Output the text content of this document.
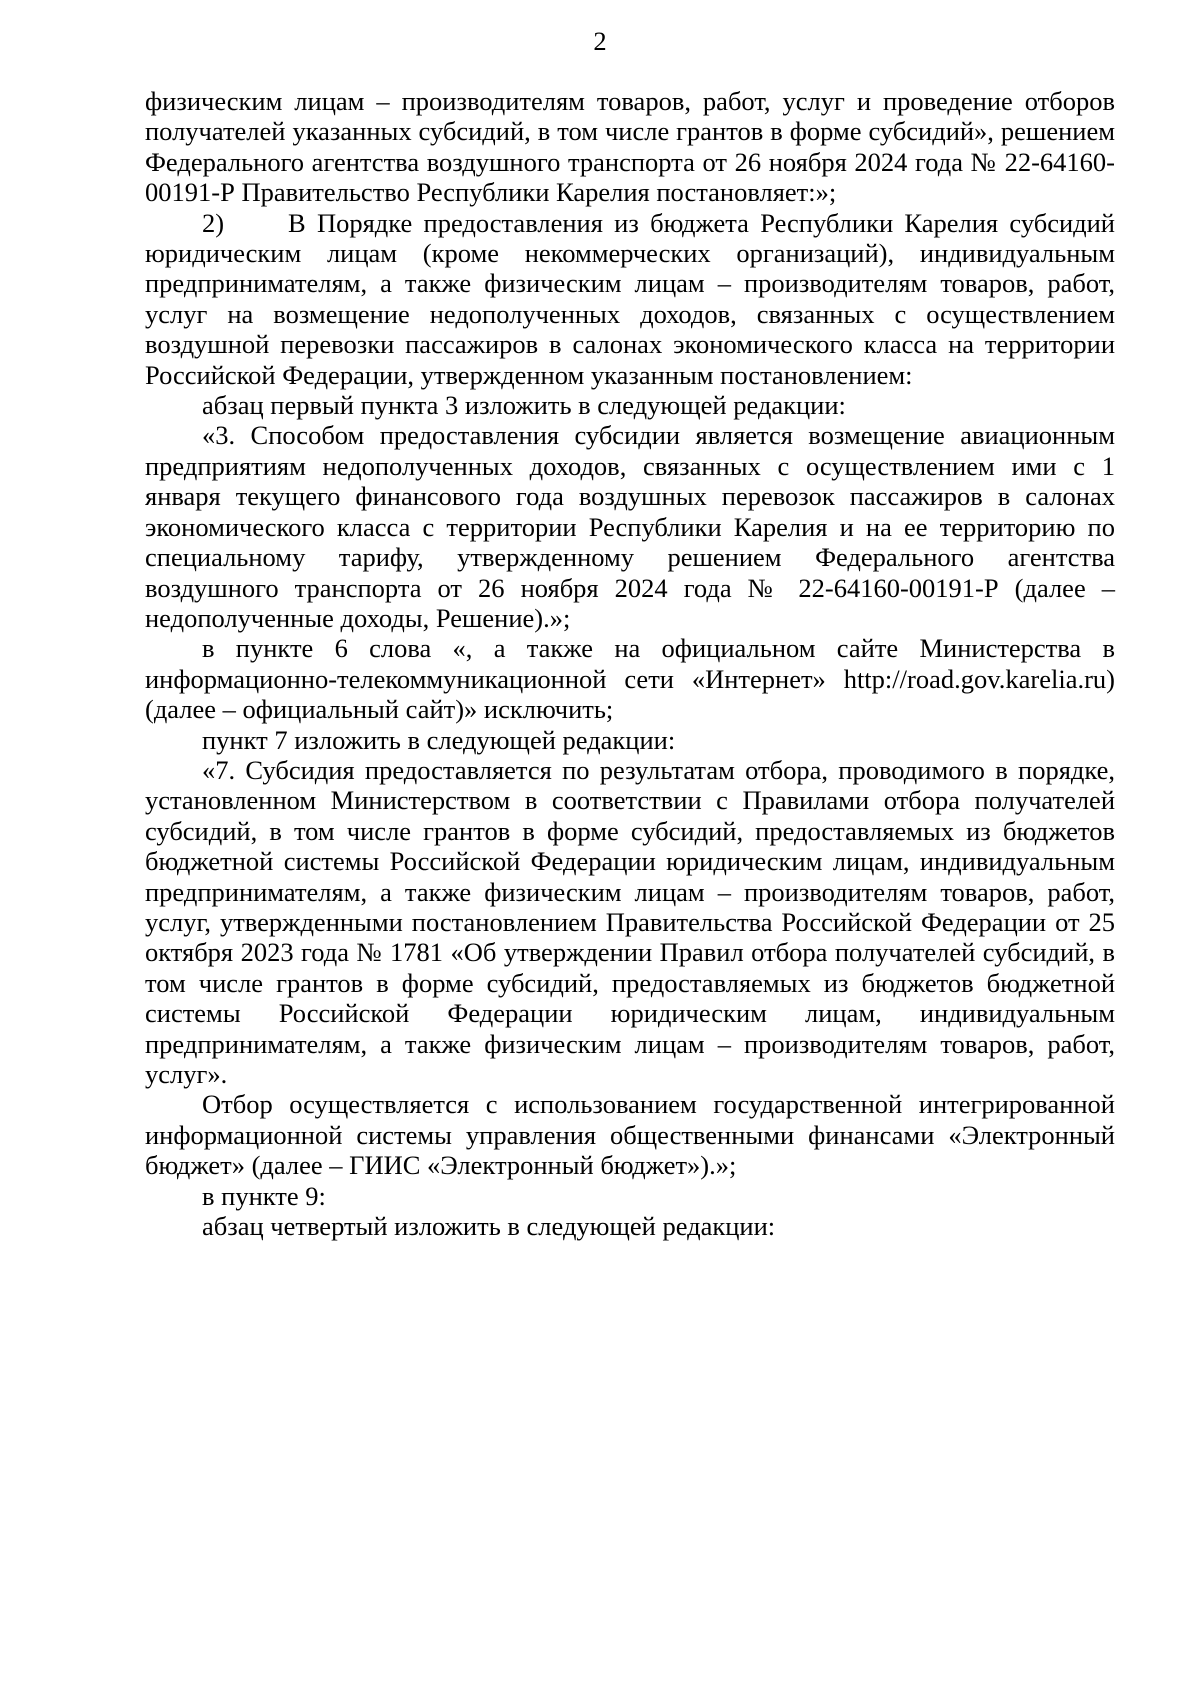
2

физическим лицам – производителям товаров, работ, услуг и проведение отборов получателей указанных субсидий, в том числе грантов в форме субсидий», решением Федерального агентства воздушного транспорта от 26 ноября 2024 года № 22-64160-00191-Р Правительство Республики Карелия постановляет:»;

2) В Порядке предоставления из бюджета Республики Карелия субсидий юридическим лицам (кроме некоммерческих организаций), индивидуальным предпринимателям, а также физическим лицам – производителям товаров, работ, услуг на возмещение недополученных доходов, связанных с осуществлением воздушной перевозки пассажиров в салонах экономического класса на территории Российской Федерации, утвержденном указанным постановлением:

абзац первый пункта 3 изложить в следующей редакции:

«3. Способом предоставления субсидии является возмещение авиационным предприятиям недополученных доходов, связанных с осуществлением ими с 1 января текущего финансового года воздушных перевозок пассажиров в салонах экономического класса с территории Республики Карелия и на ее территорию по специальному тарифу, утвержденному решением Федерального агентства воздушного транспорта от 26 ноября 2024 года № 22-64160-00191-Р (далее – недополученные доходы, Решение).»;

в пункте 6 слова «, а также на официальном сайте Министерства в информационно-телекоммуникационной сети «Интернет» http://road.gov.karelia.ru) (далее – официальный сайт)» исключить;

пункт 7 изложить в следующей редакции:

«7. Субсидия предоставляется по результатам отбора, проводимого в порядке, установленном Министерством в соответствии с Правилами отбора получателей субсидий, в том числе грантов в форме субсидий, предоставляемых из бюджетов бюджетной системы Российской Федерации юридическим лицам, индивидуальным предпринимателям, а также физическим лицам – производителям товаров, работ, услуг, утвержденными постановлением Правительства Российской Федерации от 25 октября 2023 года № 1781 «Об утверждении Правил отбора получателей субсидий, в том числе грантов в форме субсидий, предоставляемых из бюджетов бюджетной системы Российской Федерации юридическим лицам, индивидуальным предпринимателям, а также физическим лицам – производителям товаров, работ, услуг».

Отбор осуществляется с использованием государственной интегрированной информационной системы управления общественными финансами «Электронный бюджет» (далее – ГИИС «Электронный бюджет»).»;

в пункте 9:

абзац четвертый изложить в следующей редакции:
